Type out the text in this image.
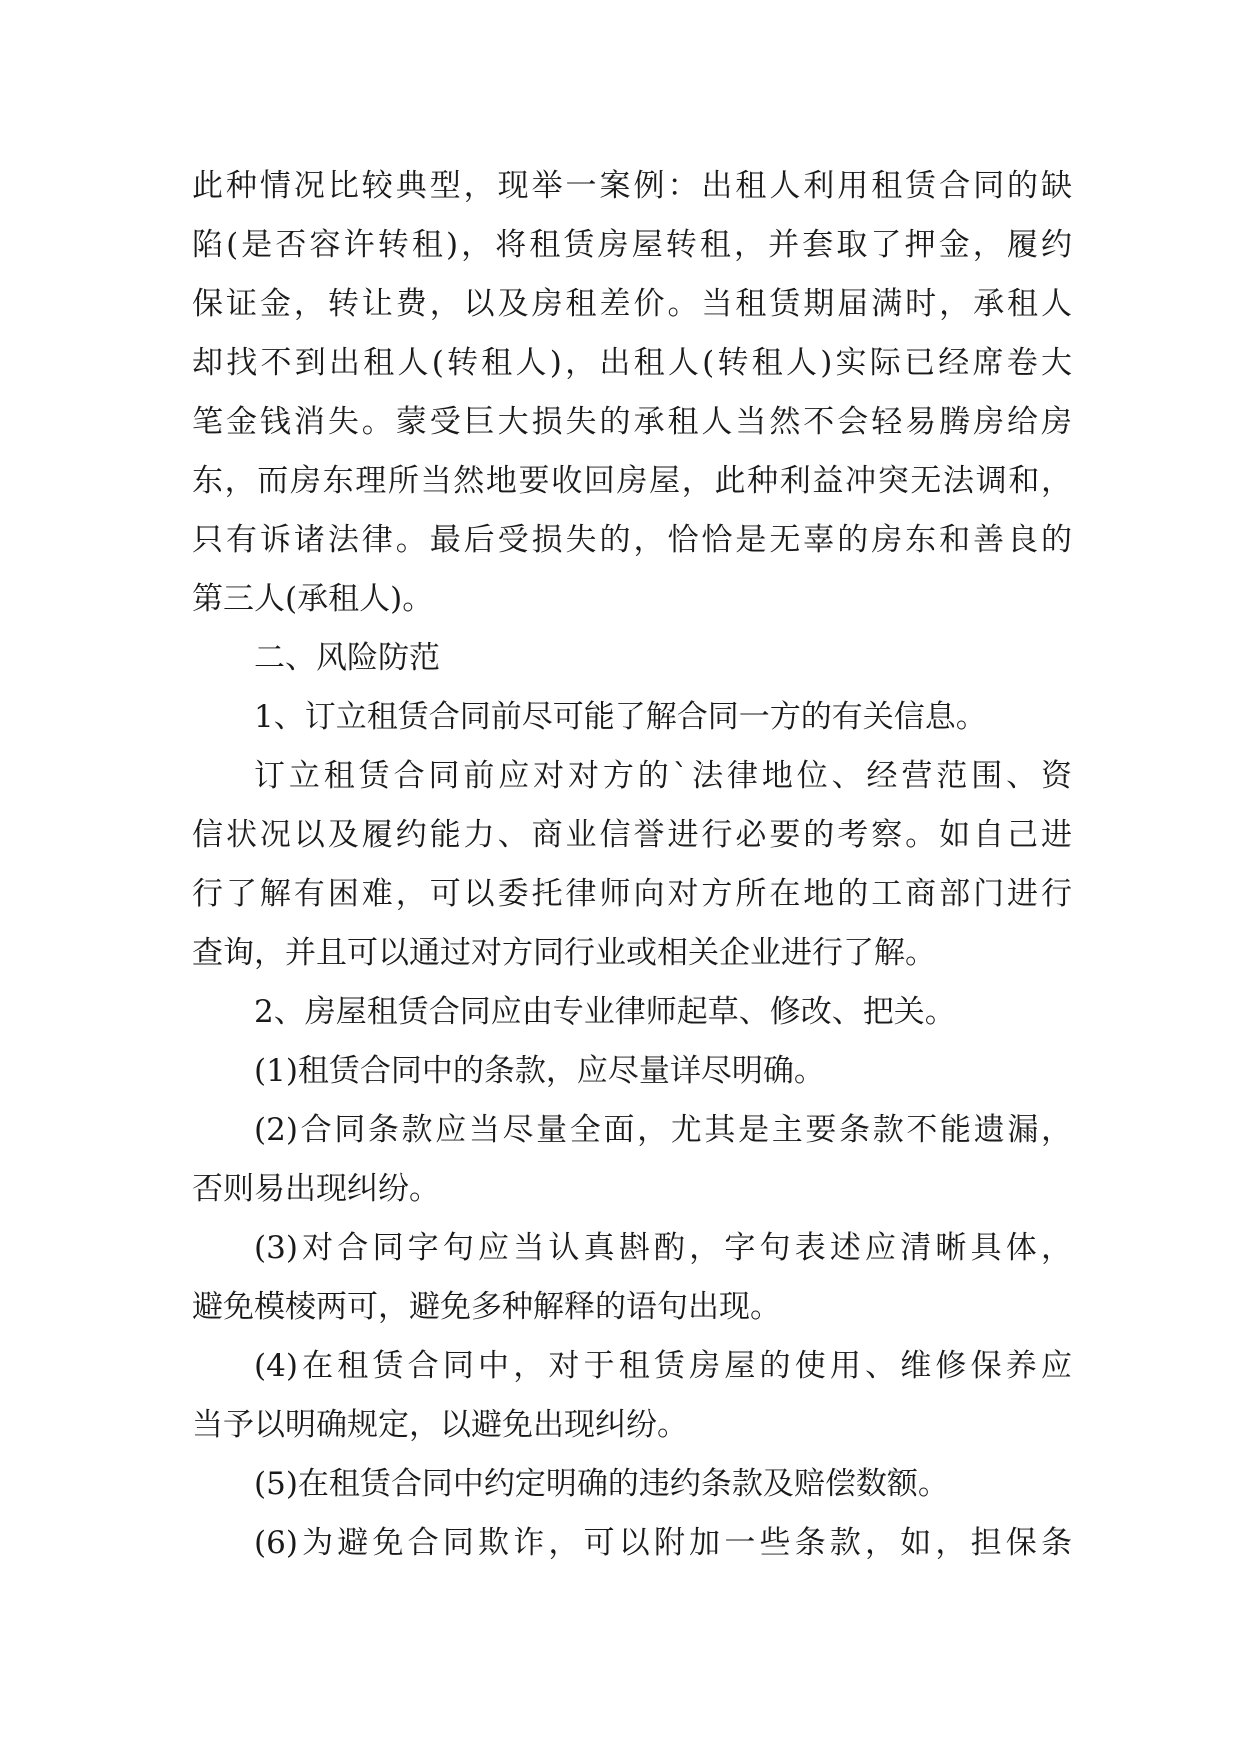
此种情况比较典型，现举一案例：出租人利用租赁合同的缺
陷(是否容许转租)，将租赁房屋转租，并套取了押金，履约
保证金，转让费，以及房租差价。当租赁期届满时，承租人
却找不到出租人(转租人)，出租人(转租人)实际已经席卷大
笔金钱消失。蒙受巨大损失的承租人当然不会轻易腾房给房
东，而房东理所当然地要收回房屋，此种利益冲突无法调和，
只有诉诸法律。最后受损失的，恰恰是无辜的房东和善良的
第三人(承租人)。
二、风险防范
1、订立租赁合同前尽可能了解合同一方的有关信息。
订立租赁合同前应对对方的`法律地位、经营范围、资
信状况以及履约能力、商业信誉进行必要的考察。如自己进
行了解有困难，可以委托律师向对方所在地的工商部门进行
查询，并且可以通过对方同行业或相关企业进行了解。
2、房屋租赁合同应由专业律师起草、修改、把关。
(1)租赁合同中的条款，应尽量详尽明确。
(2)合同条款应当尽量全面，尤其是主要条款不能遗漏，
否则易出现纠纷。
(3)对合同字句应当认真斟酌，字句表述应清晰具体，
避免模棱两可，避免多种解释的语句出现。
(4)在租赁合同中，对于租赁房屋的使用、维修保养应
当予以明确规定，以避免出现纠纷。
(5)在租赁合同中约定明确的违约条款及赔偿数额。
(6)为避免合同欺诈，可以附加一些条款，如，担保条
